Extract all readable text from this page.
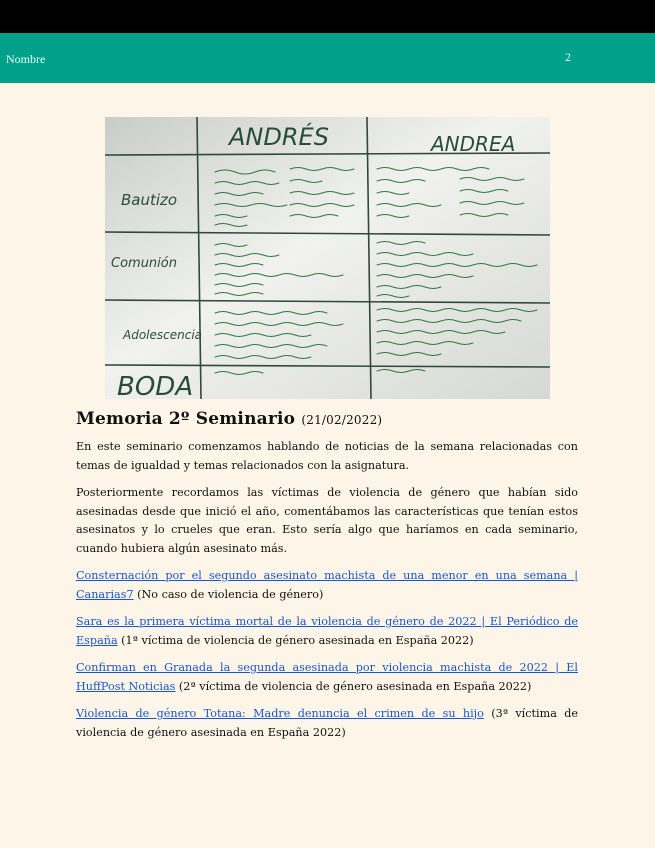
Nombre	2
ANDRÉS	ANDREA
Bautizo
Comunión
Adolescencia
BODA
Memoria 2º Seminario (21/02/2022)

En este seminario comenzamos hablando de noticias de la semana relacionadas con temas de igualdad y temas relacionados con la asignatura.

Posteriormente recordamos las víctimas de violencia de género que habían sido asesinadas desde que inició el año, comentábamos las características que tenían estos asesinatos y lo crueles que eran. Esto sería algo que haríamos en cada seminario, cuando hubiera algún asesinato más.

Consternación por el segundo asesinato machista de una menor en una semana | Canarias7 (No caso de violencia de género)

Sara es la primera víctima mortal de la violencia de género de 2022 | El Periódico de España (1ª víctima de violencia de género asesinada en España 2022)

Confirman en Granada la segunda asesinada por violencia machista de 2022 | El HuffPost Noticias (2ª víctima de violencia de género asesinada en España 2022)

Violencia de género Totana: Madre denuncia el crimen de su hijo (3ª víctima de violencia de género asesinada en España 2022)
